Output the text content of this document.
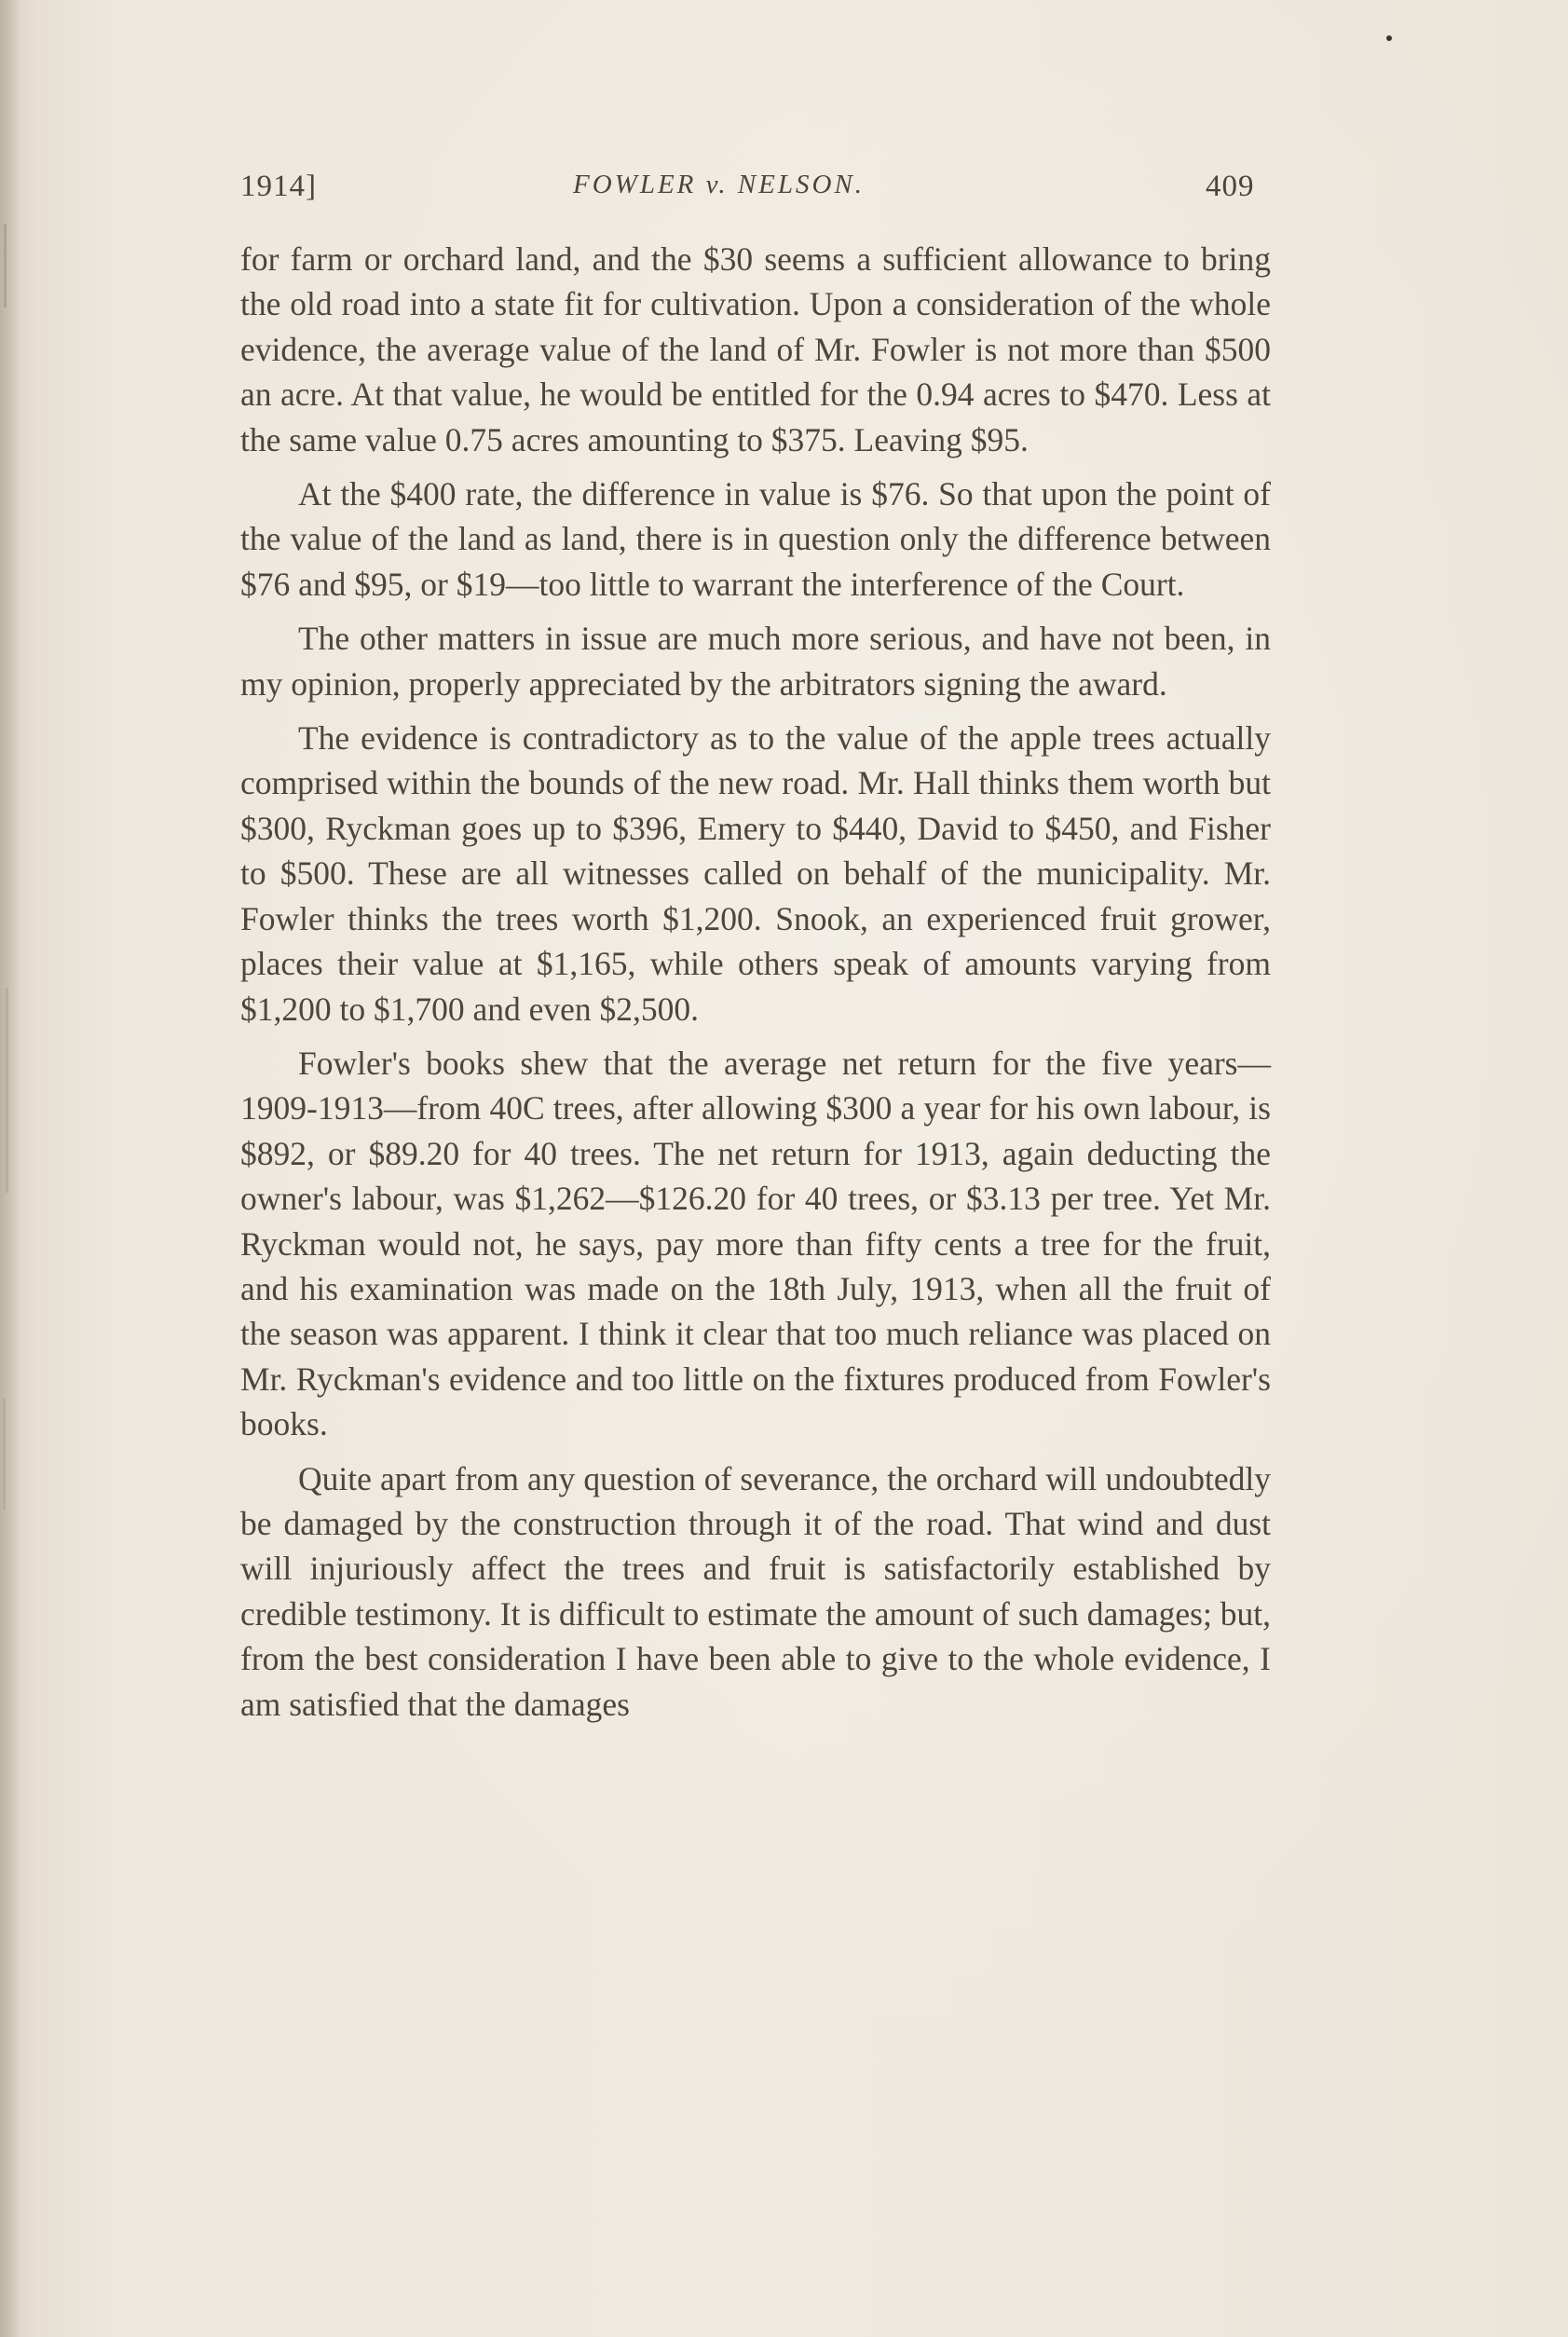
1914]	FOWLER v. NELSON.	409

for farm or orchard land, and the $30 seems a sufficient allowance to bring the old road into a state fit for cultivation. Upon a consideration of the whole evidence, the average value of the land of Mr. Fowler is not more than $500 an acre. At that value, he would be entitled for the 0.94 acres to $470. Less at the same value 0.75 acres amounting to $375. Leaving $95.

At the $400 rate, the difference in value is $76. So that upon the point of the value of the land as land, there is in question only the difference between $76 and $95, or $19—too little to warrant the interference of the Court.

The other matters in issue are much more serious, and have not been, in my opinion, properly appreciated by the arbitrators signing the award.

The evidence is contradictory as to the value of the apple trees actually comprised within the bounds of the new road. Mr. Hall thinks them worth but $300, Ryckman goes up to $396, Emery to $440, David to $450, and Fisher to $500. These are all witnesses called on behalf of the municipality. Mr. Fowler thinks the trees worth $1,200. Snook, an experienced fruit grower, places their value at $1,165, while others speak of amounts varying from $1,200 to $1,700 and even $2,500.

Fowler's books shew that the average net return for the five years—1909-1913—from 40C trees, after allowing $300 a year for his own labour, is $892, or $89.20 for 40 trees. The net return for 1913, again deducting the owner's labour, was $1,262—$126.20 for 40 trees, or $3.13 per tree. Yet Mr. Ryckman would not, he says, pay more than fifty cents a tree for the fruit, and his examination was made on the 18th July, 1913, when all the fruit of the season was apparent. I think it clear that too much reliance was placed on Mr. Ryckman's evidence and too little on the fixtures produced from Fowler's books.

Quite apart from any question of severance, the orchard will undoubtedly be damaged by the construction through it of the road. That wind and dust will injuriously affect the trees and fruit is satisfactorily established by credible testimony. It is difficult to estimate the amount of such damages; but, from the best consideration I have been able to give to the whole evidence, I am satisfied that the damages
